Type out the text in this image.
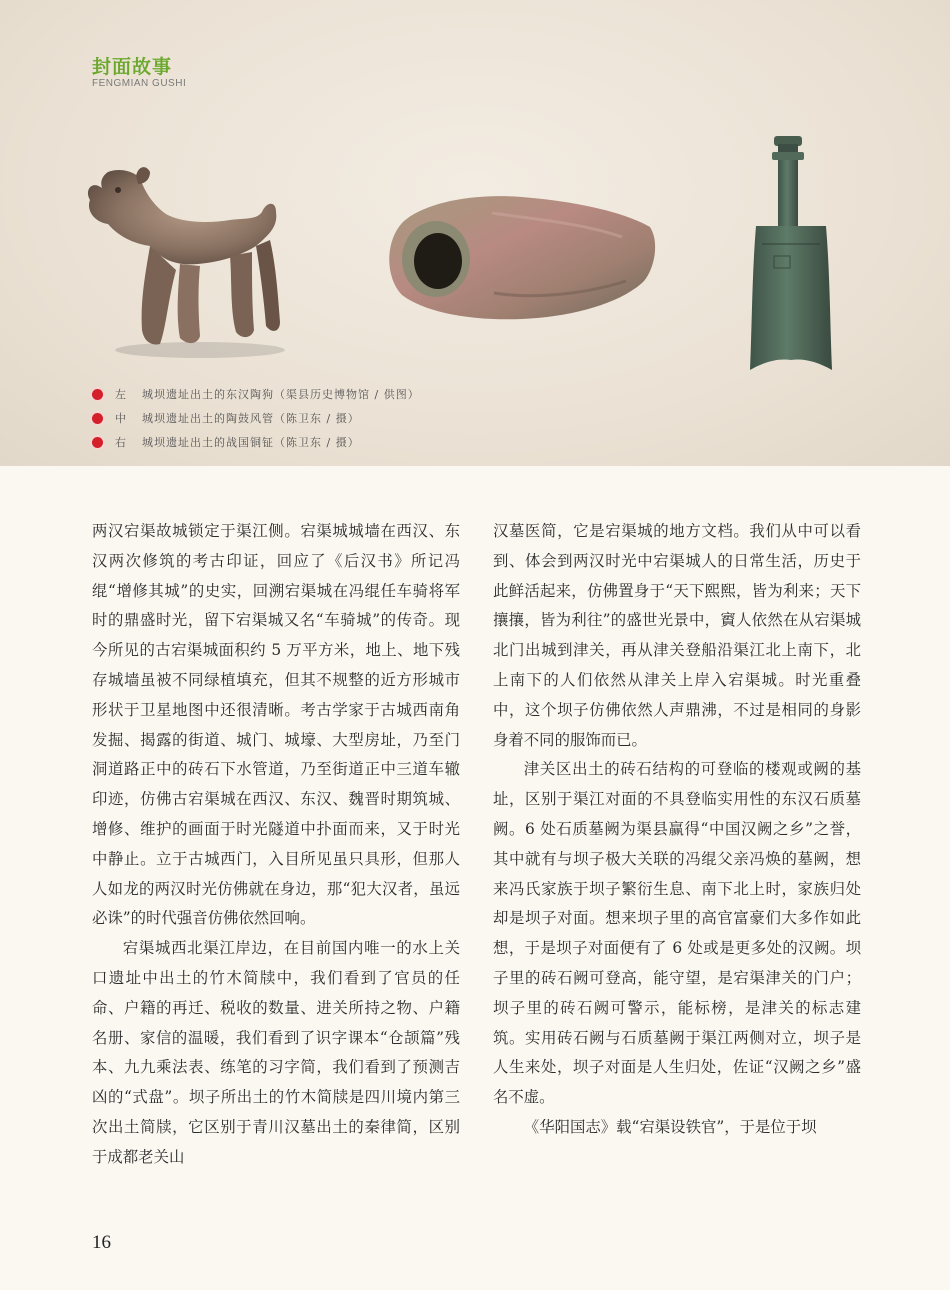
封面故事
FENGMIAN GUSHI
左	城坝遗址出土的东汉陶狗（渠县历史博物馆 / 供图）
中	城坝遗址出土的陶鼓风管（陈卫东 / 摄）
右	城坝遗址出土的战国铜钲（陈卫东 / 摄）

两汉宕渠故城锁定于渠江侧。宕渠城城墙在西汉、东汉两次修筑的考古印证，回应了《后汉书》所记冯绲“增修其城”的史实，回溯宕渠城在冯绲任车骑将军时的鼎盛时光，留下宕渠城又名“车骑城”的传奇。现今所见的古宕渠城面积约 5 万平方米，地上、地下残存城墙虽被不同绿植填充，但其不规整的近方形城市形状于卫星地图中还很清晰。考古学家于古城西南角发掘、揭露的街道、城门、城壕、大型房址，乃至门洞道路正中的砖石下水管道，乃至街道正中三道车辙印迹，仿佛古宕渠城在西汉、东汉、魏晋时期筑城、增修、维护的画面于时光隧道中扑面而来，又于时光中静止。立于古城西门，入目所见虽只具形，但那人人如龙的两汉时光仿佛就在身边，那“犯大汉者，虽远必诛”的时代强音仿佛依然回响。

宕渠城西北渠江岸边，在目前国内唯一的水上关口遗址中出土的竹木简牍中，我们看到了官员的任命、户籍的再迁、税收的数量、进关所持之物、户籍名册、家信的温暖，我们看到了识字课本“仓颉篇”残本、九九乘法表、练笔的习字简，我们看到了预测吉凶的“式盘”。坝子所出土的竹木简牍是四川境内第三次出土简牍，它区别于青川汉墓出土的秦律简，区别于成都老关山

汉墓医简，它是宕渠城的地方文档。我们从中可以看到、体会到两汉时光中宕渠城人的日常生活，历史于此鲜活起来，仿佛置身于“天下熙熙，皆为利来；天下攘攘，皆为利往”的盛世光景中，賨人依然在从宕渠城北门出城到津关，再从津关登船沿渠江北上南下，北上南下的人们依然从津关上岸入宕渠城。时光重叠中，这个坝子仿佛依然人声鼎沸，不过是相同的身影身着不同的服饰而已。

津关区出土的砖石结构的可登临的楼观或阙的基址，区别于渠江对面的不具登临实用性的东汉石质墓阙。6 处石质墓阙为渠县赢得“中国汉阙之乡”之誉，其中就有与坝子极大关联的冯绲父亲冯焕的墓阙，想来冯氏家族于坝子繁衍生息、南下北上时，家族归处却是坝子对面。想来坝子里的高官富豪们大多作如此想，于是坝子对面便有了 6 处或是更多处的汉阙。坝子里的砖石阙可登高，能守望，是宕渠津关的门户；坝子里的砖石阙可警示，能标榜，是津关的标志建筑。实用砖石阙与石质墓阙于渠江两侧对立，坝子是人生来处，坝子对面是人生归处，佐证“汉阙之乡”盛名不虚。

《华阳国志》载“宕渠设铁官”，于是位于坝

16
